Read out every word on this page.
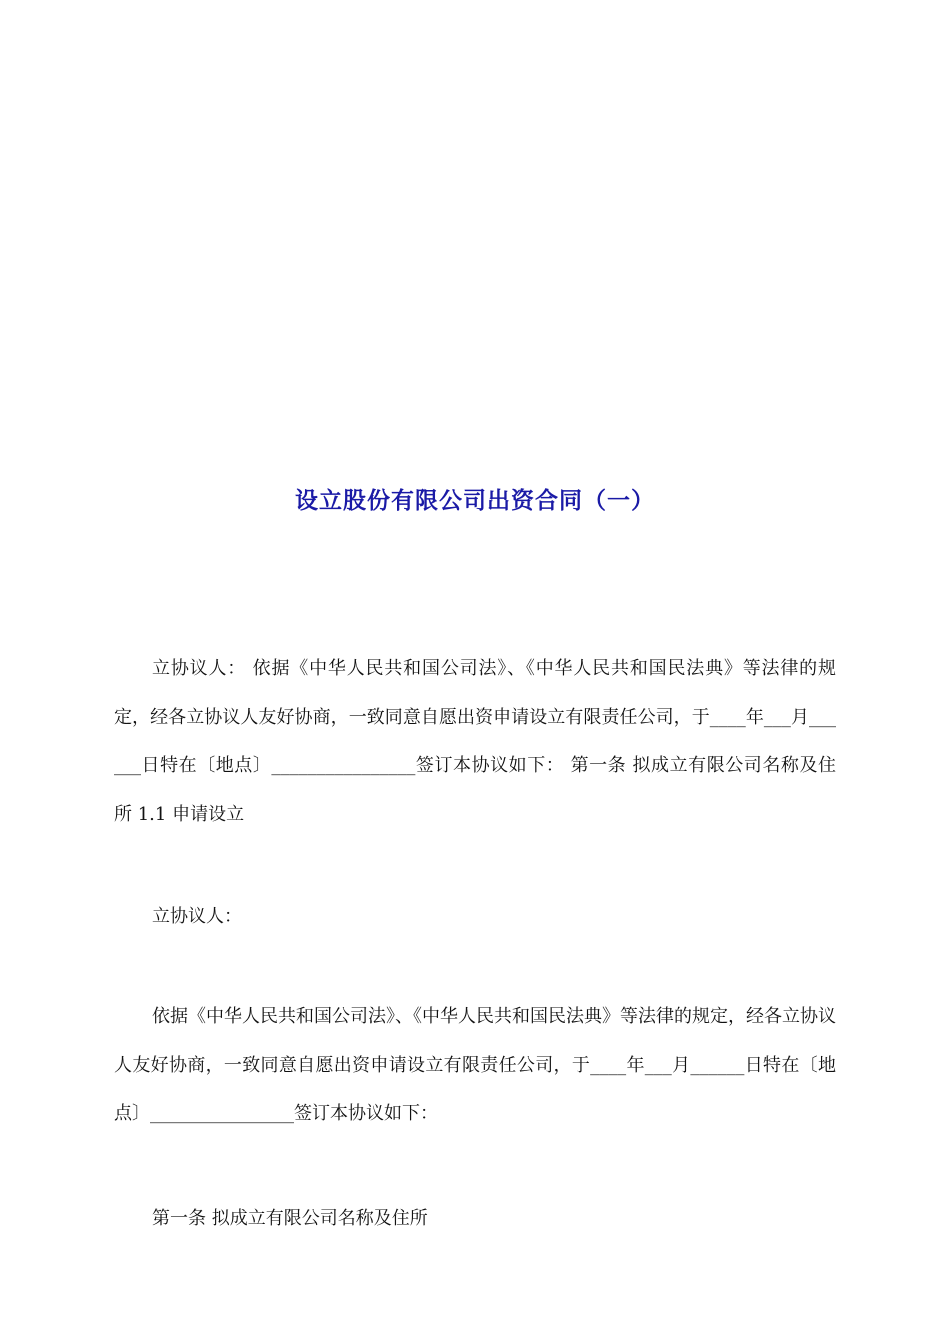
设立股份有限公司出资合同（一）

立协议人： 依据《中华人民共和国公司法》、《中华人民共和国民法典》等法律的规定，经各立协议人友好协商，一致同意自愿出资申请设立有限责任公司，于____年___月______日特在〔地点〕________________签订本协议如下： 第一条 拟成立有限公司名称及住所 1.1 申请设立

立协议人：

依据《中华人民共和国公司法》、《中华人民共和国民法典》等法律的规定，经各立协议人友好协商，一致同意自愿出资申请设立有限责任公司，于____年___月______日特在〔地点〕________________签订本协议如下：

第一条 拟成立有限公司名称及住所
